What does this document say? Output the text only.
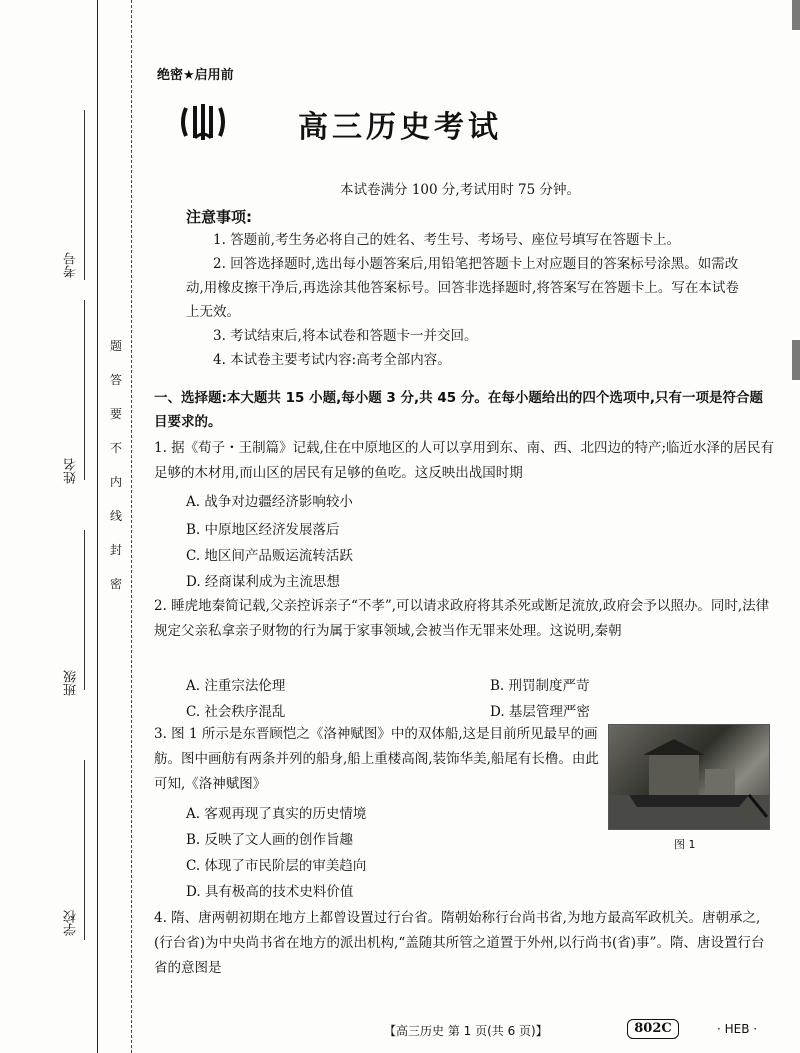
考号
姓名
班级
学校
题
答
要
不
内
线
封
密
绝密★启用前
高三历史考试
本试卷满分 100 分,考试用时 75 分钟。
注意事项:
1. 答题前,考生务必将自己的姓名、考生号、考场号、座位号填写在答题卡上。
2. 回答选择题时,选出每小题答案后,用铅笔把答题卡上对应题目的答案标号涂黑。如需改动,用橡皮擦干净后,再选涂其他答案标号。回答非选择题时,将答案写在答题卡上。写在本试卷上无效。
3. 考试结束后,将本试卷和答题卡一并交回。
4. 本试卷主要考试内容:高考全部内容。
一、选择题:本大题共 15 小题,每小题 3 分,共 45 分。在每小题给出的四个选项中,只有一项是符合题目要求的。
1. 据《荀子・王制篇》记载,住在中原地区的人可以享用到东、南、西、北四边的特产;临近水泽的居民有足够的木材用,而山区的居民有足够的鱼吃。这反映出战国时期
A. 战争对边疆经济影响较小
B. 中原地区经济发展落后
C. 地区间产品贩运流转活跃
D. 经商谋利成为主流思想
2. 睡虎地秦简记载,父亲控诉亲子“不孝”,可以请求政府将其杀死或断足流放,政府会予以照办。同时,法律规定父亲私拿亲子财物的行为属于家事领域,会被当作无罪来处理。这说明,秦朝
A. 注重宗法伦理	B. 刑罚制度严苛
C. 社会秩序混乱	D. 基层管理严密
3. 图 1 所示是东晋顾恺之《洛神赋图》中的双体船,这是目前所见最早的画舫。图中画舫有两条并列的船身,船上重楼高阁,装饰华美,船尾有长橹。由此可知,《洛神赋图》
图 1
A. 客观再现了真实的历史情境
B. 反映了文人画的创作旨趣
C. 体现了市民阶层的审美趋向
D. 具有极高的技术史料价值
4. 隋、唐两朝初期在地方上都曾设置过行台省。隋朝始称行台尚书省,为地方最高军政机关。唐朝承之,(行台省)为中央尚书省在地方的派出机构,“盖随其所管之道置于外州,以行尚书(省)事”。隋、唐设置行台省的意图是
【高三历史 第 1 页(共 6 页)】	802C	· HEB ·
